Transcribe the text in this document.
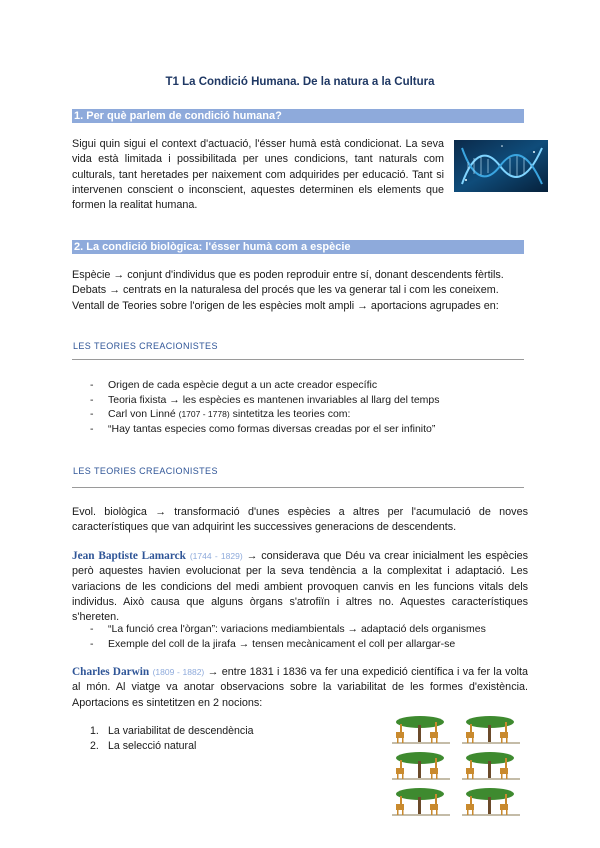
T1 La Condició Humana. De la natura a la Cultura
1. Per què parlem de condició humana?
Sigui quin sigui el context d'actuació, l'ésser humà està condicionat. La seva vida està limitada i possibilitada per unes condicions, tant naturals com culturals, tant heretades per naixement com adquirides per educació. Tant si intervenen conscient o inconscient, aquestes determinen els elements que formen la realitat humana.
2. La condició biològica: l'ésser humà com a espècie
Espècie → conjunt d'individus que es poden reproduir entre sí, donant descendents fèrtils.
Debats → centrats en la naturalesa del procés que les va generar tal i com les coneixem.
Ventall de Teories sobre l'origen de les espècies molt ampli → aportacions agrupades en:
LES TEORIES CREACIONISTES
- Origen de cada espècie degut a un acte creador específic
- Teoria fixista → les espècies es mantenen invariables al llarg del temps
- Carl von Linné (1707 - 1778) sintetitza les teories com:
- “Hay tantas especies como formas diversas creadas por el ser infinito”
LES TEORIES CREACIONISTES
Evol. biològica → transformació d'unes espècies a altres per l'acumulació de noves característiques que van adquirint les successives generacions de descendents.
Jean Baptiste Lamarck (1744 - 1829) → considerava que Déu va crear inicialment les espècies però aquestes havien evolucionat per la seva tendència a la complexitat i adaptació. Les variacions de les condicions del medi ambient provoquen canvis en les funcions vitals dels individus. Això causa que alguns òrgans s'atrofiïn i altres no. Aquestes característiques s'hereten.
- “La funció crea l'òrgan”: variacions mediambientals → adaptació dels organismes
- Exemple del coll de la jirafa → tensen mecànicament el coll per allargar-se
Charles Darwin (1809 - 1882) → entre 1831 i 1836 va fer una expedició científica i va fer la volta al món. Al viatge va anotar observacions sobre la variabilitat de les formes d'existència. Aportacions es sintetitzen en 2 nocions:
1. La variabilitat de descendència
2. La selecció natural
